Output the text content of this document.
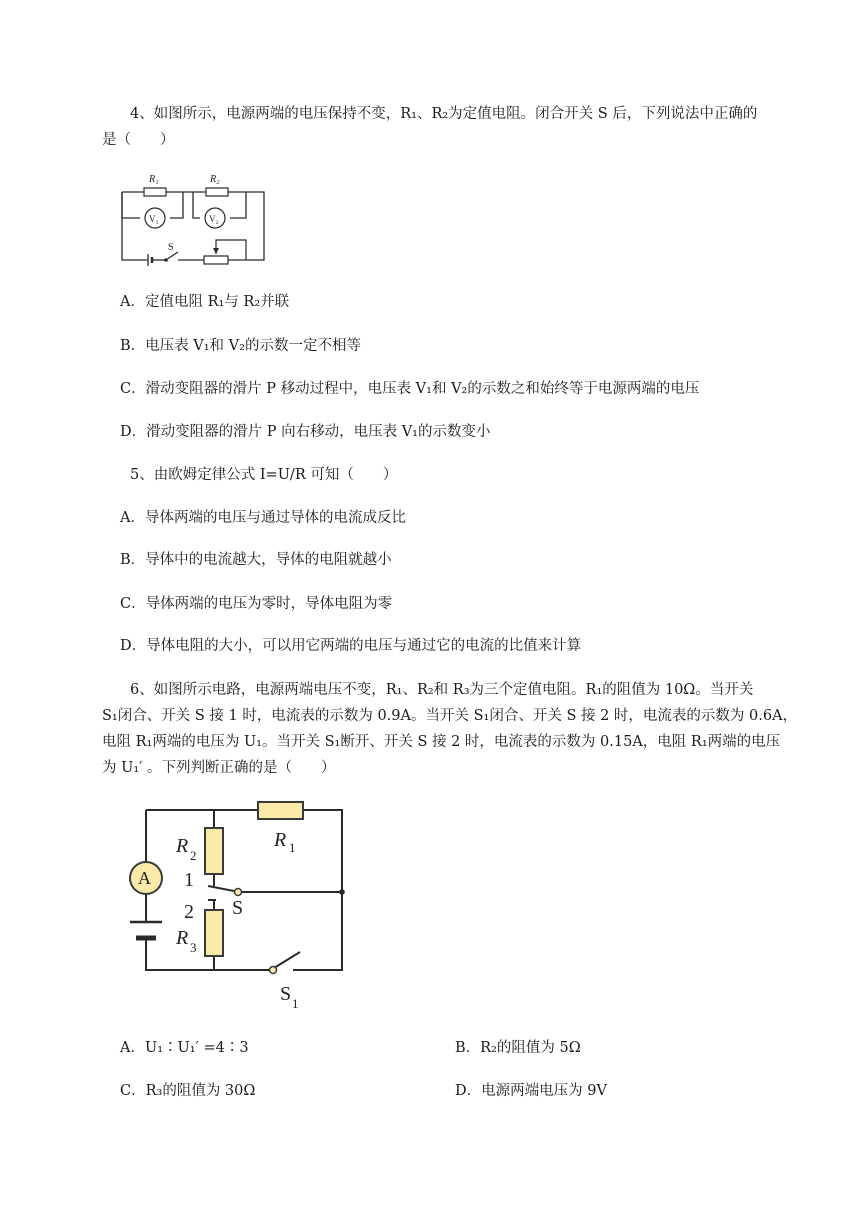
4、如图所示，电源两端的电压保持不变，R₁、R₂为定值电阻。闭合开关 S 后，下列说法中正确的
是（　　）
R₁	R₂
V₁	V₂
S
A．定值电阻 R₁与 R₂并联
B．电压表 V₁和 V₂的示数一定不相等
C．滑动变阻器的滑片 P 移动过程中，电压表 V₁和 V₂的示数之和始终等于电源两端的电压
D．滑动变阻器的滑片 P 向右移动，电压表 V₁的示数变小
5、由欧姆定律公式 I=U/R 可知（　　）
A．导体两端的电压与通过导体的电流成反比
B．导体中的电流越大，导体的电阻就越小
C．导体两端的电压为零时，导体电阻为零
D．导体电阻的大小，可以用它两端的电压与通过它的电流的比值来计算
6、如图所示电路，电源两端电压不变，R₁、R₂和 R₃为三个定值电阻。R₁的阻值为 10Ω。当开关
S₁闭合、开关 S 接 1 时，电流表的示数为 0.9A。当开关 S₁闭合、开关 S 接 2 时，电流表的示数为 0.6A，
电阻 R₁两端的电压为 U₁。当开关 S₁断开、开关 S 接 2 时，电流表的示数为 0.15A，电阻 R₁两端的电压
为 U₁′ 。下列判断正确的是（　　）
A
R 1
R 2
R 3
1
2 S
S 1
A．U₁∶U₁′ =4∶3	B．R₂的阻值为 5Ω
C．R₃的阻值为 30Ω	D．电源两端电压为 9V
